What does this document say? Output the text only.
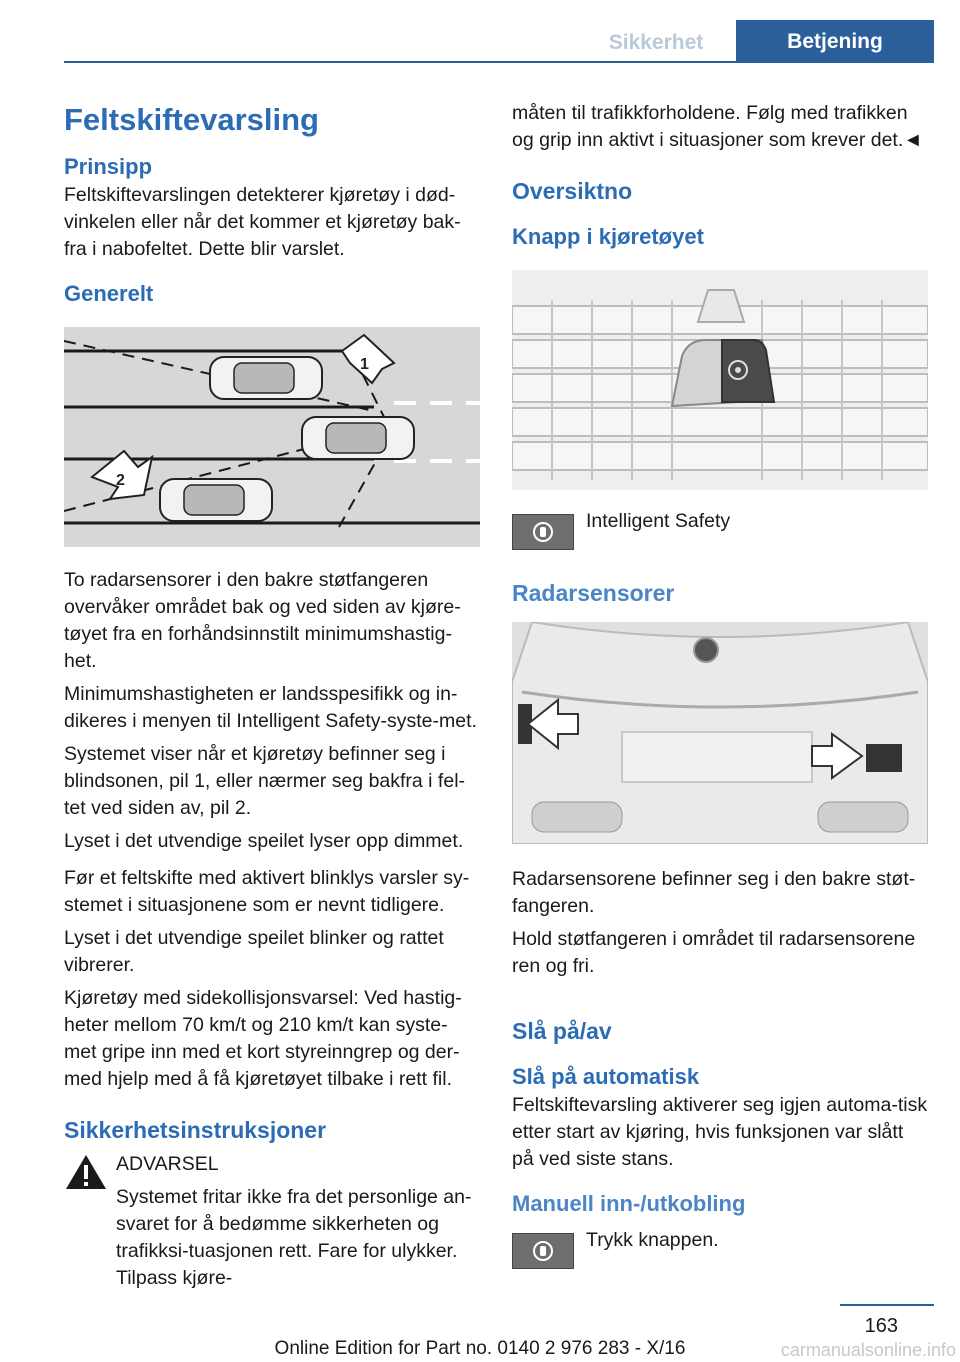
Sikkerhet	Betjening
Feltskiftevarsling
Prinsipp

Feltskiftevarslingen detekterer kjøretøy i død-vinkelen eller når det kommer et kjøretøy bak-fra i nabofeltet. Dette blir varslet.

Generelt
1
2

To radarsensorer i den bakre støtfangeren overvåker området bak og ved siden av kjøre-tøyet fra en forhåndsinnstilt minimumshastig-het.

Minimumshastigheten er landsspesifikk og in-dikeres i menyen til Intelligent Safety-syste-met.

Systemet viser når et kjøretøy befinner seg i blindsonen, pil 1, eller nærmer seg bakfra i fel-tet ved siden av, pil 2.

Lyset i det utvendige speilet lyser opp dimmet.

Før et feltskifte med aktivert blinklys varsler sy-stemet i situasjonene som er nevnt tidligere.

Lyset i det utvendige speilet blinker og rattet vibrerer.

Kjøretøy med sidekollisjonsvarsel: Ved hastig-heter mellom 70 km/t og 210 km/t kan syste-met gripe inn med et kort styreinngrep og der-med hjelp med å få kjøretøyet tilbake i rett fil.

Sikkerhetsinstruksjoner

ADVARSEL

Systemet fritar ikke fra det personlige an-svaret for å bedømme sikkerheten og trafikksi-tuasjonen rett. Fare for ulykker. Tilpass kjøre-

måten til trafikkforholdene. Følg med trafikken og grip inn aktivt i situasjoner som krever det.◄

Oversiktno
Knapp i kjøretøyet
Intelligent Safety
Radarsensorer

Radarsensorene befinner seg i den bakre støt-fangeren.

Hold støtfangeren i området til radarsensorene ren og fri.

Slå på/av
Slå på automatisk

Feltskiftevarsling aktiverer seg igjen automa-tisk etter start av kjøring, hvis funksjonen var slått på ved siste stans.

Manuell inn-/utkobling
Trykk knappen.
163
Online Edition for Part no. 0140 2 976 283 - X/16	carmanualsonline.info
